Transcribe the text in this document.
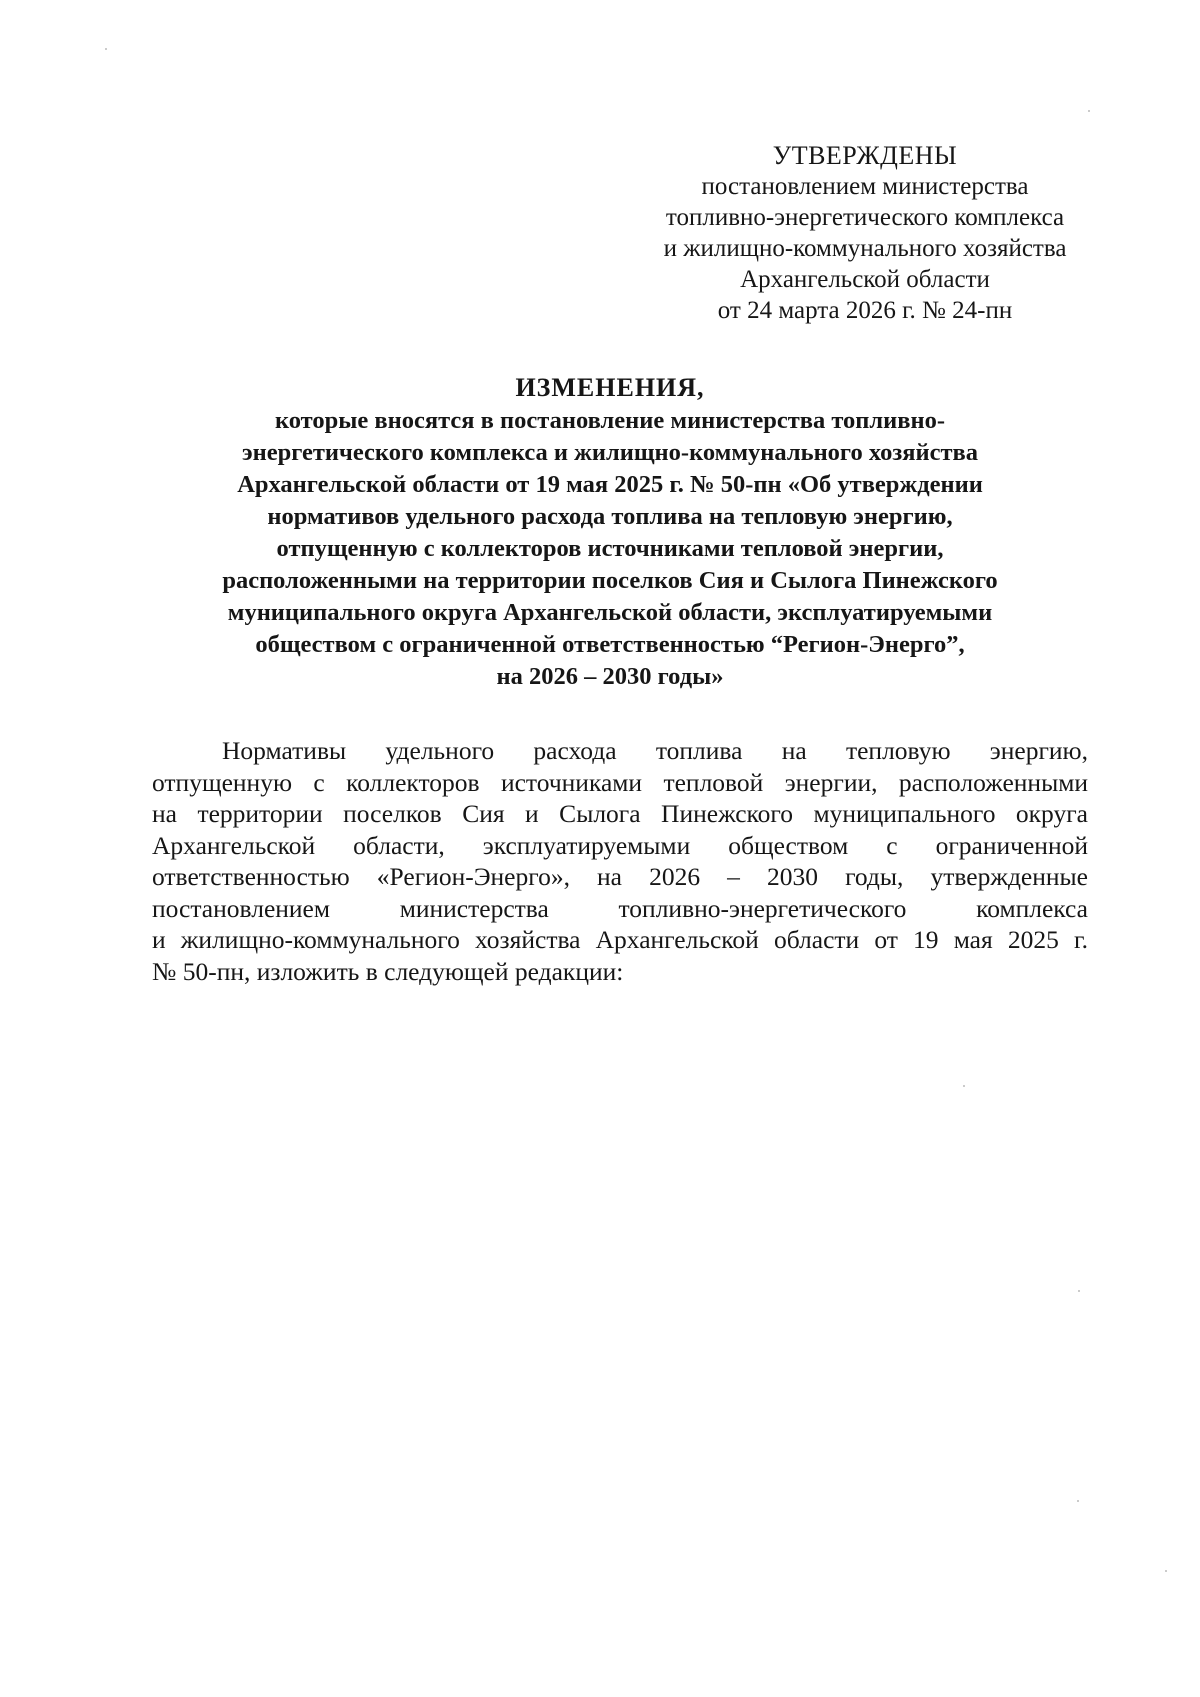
УТВЕРЖДЕНЫ
постановлением министерства
топливно-энергетического комплекса
и жилищно-коммунального хозяйства
Архангельской области
от 24 марта 2026 г. № 24-пн
ИЗМЕНЕНИЯ,
которые вносятся в постановление министерства топливно-
энергетического комплекса и жилищно-коммунального хозяйства
Архангельской области от 19 мая 2025 г. № 50-пн «Об утверждении
нормативов удельного расхода топлива на тепловую энергию,
отпущенную с коллекторов источниками тепловой энергии,
расположенными на территории поселков Сия и Сылога Пинежского
муниципального округа Архангельской области, эксплуатируемыми
обществом с ограниченной ответственностью “Регион-Энерго”,
на 2026 – 2030 годы»
Нормативы удельного расхода топлива на тепловую энергию,
отпущенную с коллекторов источниками тепловой энергии, расположенными
на территории поселков Сия и Сылога Пинежского муниципального округа
Архангельской области, эксплуатируемыми обществом с ограниченной
ответственностью «Регион-Энерго», на 2026 – 2030 годы, утвержденные
постановлением министерства топливно-энергетического комплекса
и жилищно-коммунального хозяйства Архангельской области от 19 мая 2025 г.
№ 50-пн, изложить в следующей редакции:
